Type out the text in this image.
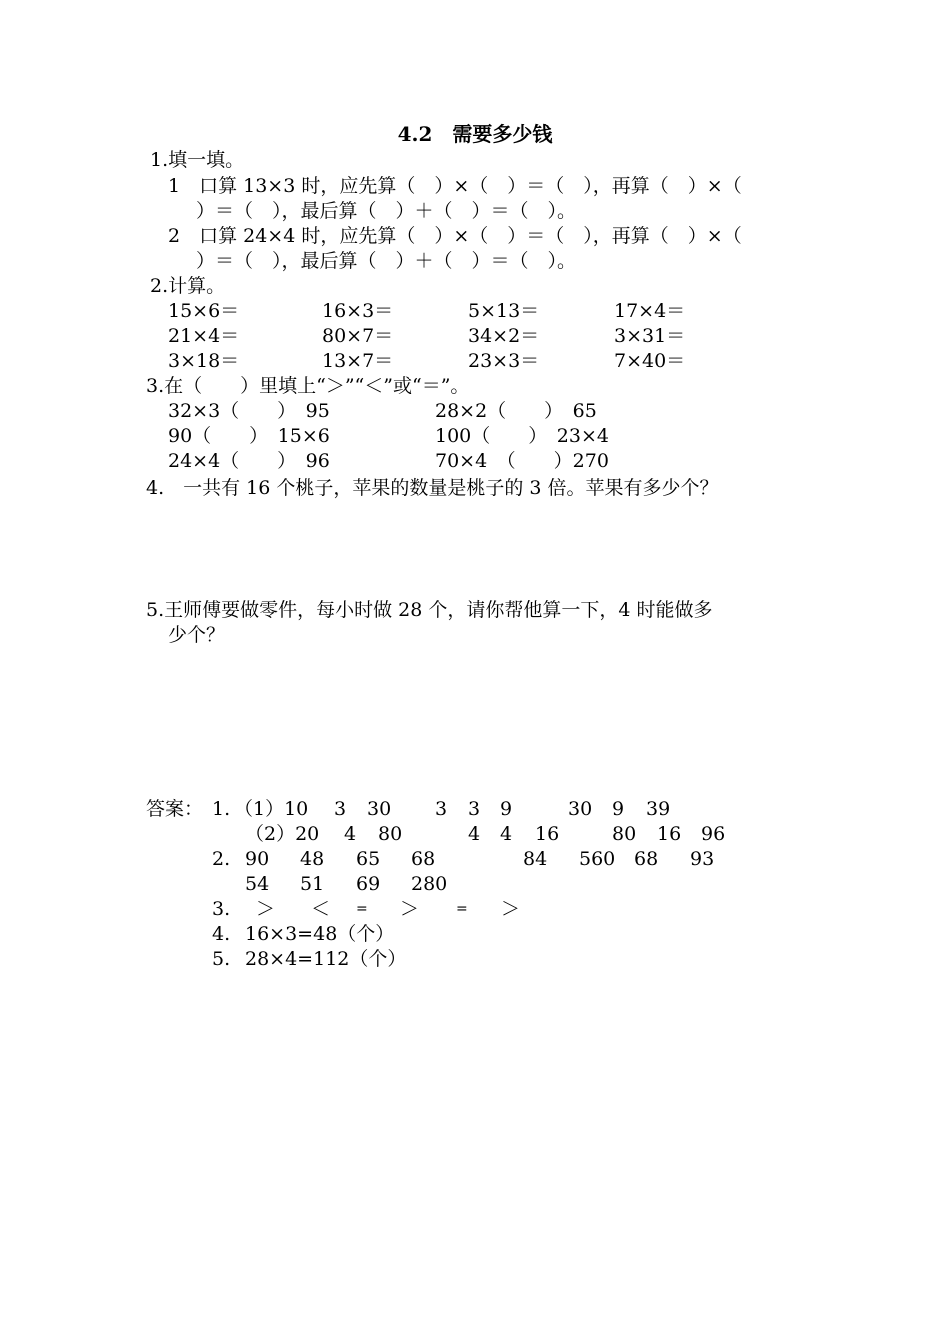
4.2　需要多少钱
1.填一填。
1　口算 13×3 时，应先算（　）×（　）＝（　），再算（　）×（
）＝（　），最后算（　）＋（　）＝（　）。
2　口算 24×4 时，应先算（　）×（　）＝（　），再算（　）×（
）＝（　），最后算（　）＋（　）＝（　）。
2.计算。
15×6＝	16×3＝	5×13＝	17×4＝
21×4＝	80×7＝	34×2＝	3×31＝
3×18＝	13×7＝	23×3＝	7×40＝
3.在（　　）里填上“＞”“＜”或“＝”。
32×3（　　）　95	28×2（　　）　65
90（　　）　15×6	100（　　）　23×4
24×4（　　）　96	70×4　（　　）270
4.　一共有 16 个桃子，苹果的数量是桃子的 3 倍。苹果有多少个？
5.王师傅要做零件，每小时做 28 个，请你帮他算一下，4 时能做多
少个？
答案： 1. （1）10 3 30 3 3 9	30 9 39
（2）20 4 80	4 4 16	80 16 96
2. 90 48 65 68	84 560 68 93
54 51 69 280
3. ＞ ＜ = ＞	= ＞
4. 16×3=48（个）
5. 28×4=112（个）
